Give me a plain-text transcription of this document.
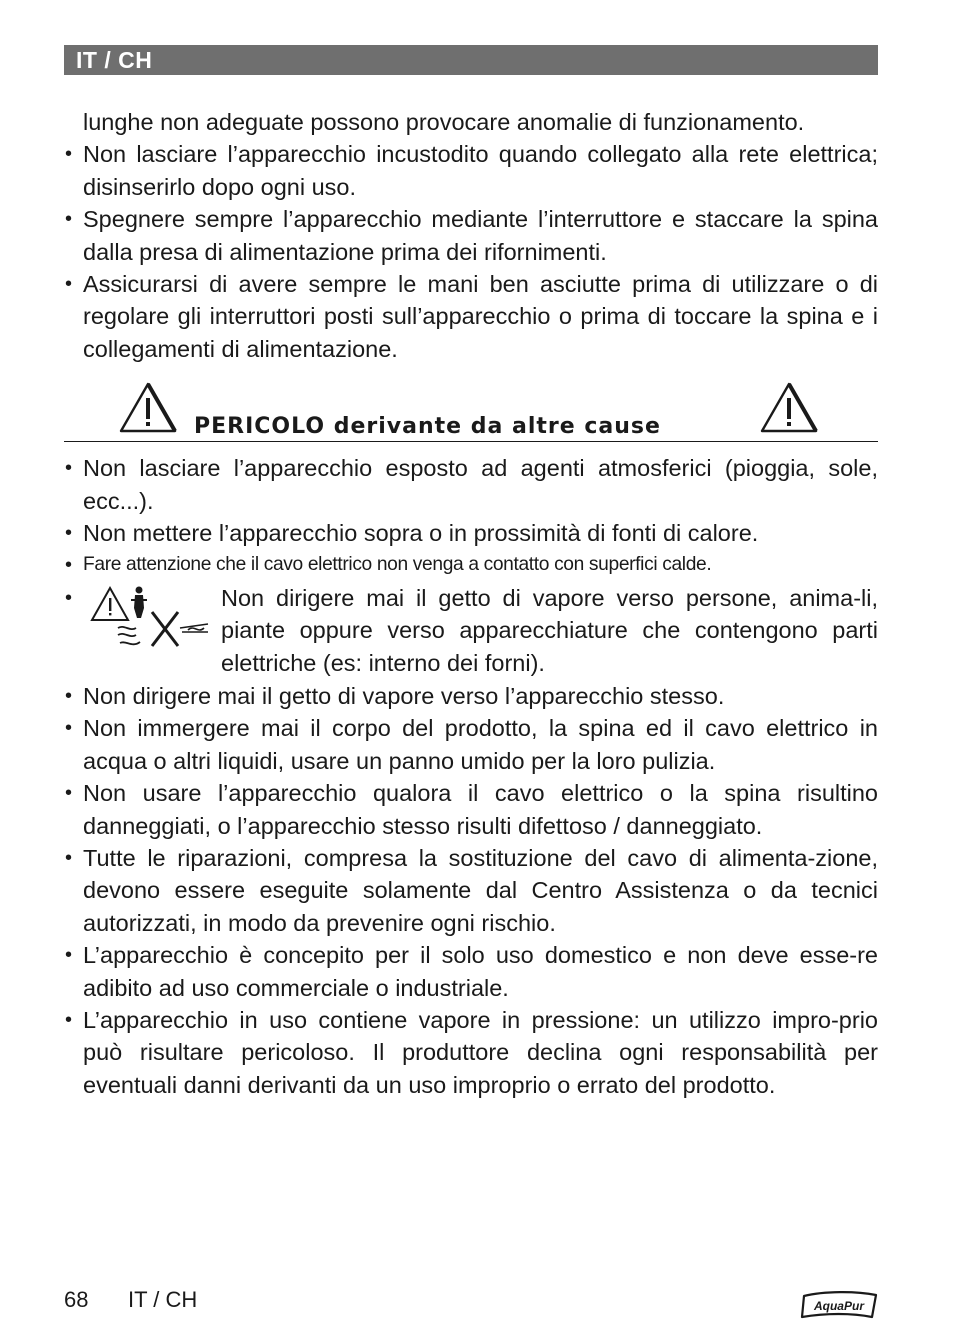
IT / CH
lunghe non adeguate possono provocare anomalie di funzionamento.
• Non lasciare l’apparecchio incustodito quando collegato alla rete elettrica; disinserirlo dopo ogni uso.
• Spegnere sempre l’apparecchio mediante l’interruttore e staccare la spina dalla presa di alimentazione prima dei rifornimenti.
• Assicurarsi di avere sempre le mani ben asciutte prima di utilizzare o di regolare gli interruttori posti sull’apparecchio o prima di toccare la spina e i collegamenti di alimentazione.
PERICOLO derivante da altre cause
• Non lasciare l’apparecchio esposto ad agenti atmosferici (pioggia, sole, ecc...).
• Non mettere l’apparecchio sopra o in prossimità di fonti di calore.
• Fare attenzione che il cavo elettrico non venga a contatto con superfici calde.
•	Non dirigere mai il getto di vapore verso persone, anima-li, piante oppure verso apparecchiature che contengono parti elettriche (es: interno dei forni).
• Non dirigere mai il getto di vapore verso l’apparecchio stesso.
• Non immergere mai il corpo del prodotto, la spina ed il cavo elettrico in acqua o altri liquidi, usare un panno umido per la loro pulizia.
• Non usare l’apparecchio qualora il cavo elettrico o la spina risultino danneggiati, o l’apparecchio stesso risulti difettoso / danneggiato.
• Tutte le riparazioni, compresa la sostituzione del cavo di alimenta-zione, devono essere eseguite solamente dal Centro Assistenza o da tecnici autorizzati, in modo da prevenire ogni rischio.
• L’apparecchio è concepito per il solo uso domestico e non deve esse-re adibito ad uso commerciale o industriale.
• L’apparecchio in uso contiene vapore in pressione: un utilizzo impro-prio può risultare pericoloso. Il produttore declina ogni responsabilità per eventuali danni derivanti da un uso improprio o errato del prodotto.
68 IT / CH	AquaPur
